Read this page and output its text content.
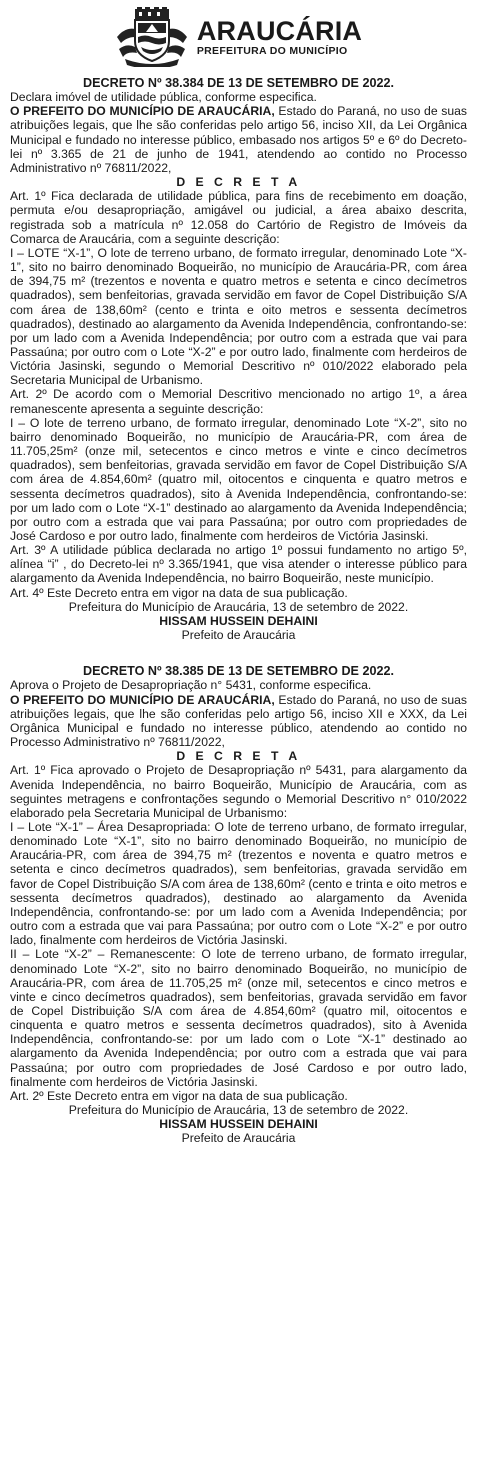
ARAUCÁRIA
PREFEITURA DO MUNICÍPIO

DECRETO Nº 38.384 DE 13 DE SETEMBRO DE 2022.

Declara imóvel de utilidade pública, conforme especifica.

O PREFEITO DO MUNICÍPIO DE ARAUCÁRIA, Estado do Paraná, no uso de suas atribuições legais, que lhe são conferidas pelo artigo 56, inciso XII, da Lei Orgânica Municipal e fundado no interesse público, embasado nos artigos 5º e 6º do Decreto-lei nº 3.365 de 21 de junho de 1941, atendendo ao contido no Processo Administrativo nº 76811/2022,

D E C R E T A

Art. 1º Fica declarada de utilidade pública, para fins de recebimento em doação, permuta e/ou desapropriação, amigável ou judicial, a área abaixo descrita, registrada sob a matrícula nº 12.058 do Cartório de Registro de Imóveis da Comarca de Araucária, com a seguinte descrição:

I – LOTE “X-1”, O lote de terreno urbano, de formato irregular, denominado Lote “X-1”, sito no bairro denominado Boqueirão, no município de Araucária-PR, com área de 394,75 m² (trezentos e noventa e quatro metros e setenta e cinco decímetros quadrados), sem benfeitorias, gravada servidão em favor de Copel Distribuição S/A com área de 138,60m² (cento e trinta e oito metros e sessenta decímetros quadrados), destinado ao alargamento da Avenida Independência, confrontando-se: por um lado com a Avenida Independência; por outro com a estrada que vai para Passaúna; por outro com o Lote “X-2” e por outro lado, finalmente com herdeiros de Victória Jasinski, segundo o Memorial Descritivo nº 010/2022 elaborado pela Secretaria Municipal de Urbanismo.

Art. 2º De acordo com o Memorial Descritivo mencionado no artigo 1º, a área remanescente apresenta a seguinte descrição:

I – O lote de terreno urbano, de formato irregular, denominado Lote “X-2”, sito no bairro denominado Boqueirão, no município de Araucária-PR, com área de 11.705,25m² (onze mil, setecentos e cinco metros e vinte e cinco decímetros quadrados), sem benfeitorias, gravada servidão em favor de Copel Distribuição S/A com área de 4.854,60m² (quatro mil, oitocentos e cinquenta e quatro metros e sessenta decímetros quadrados), sito à Avenida Independência, confrontando-se: por um lado com o Lote “X-1” destinado ao alargamento da Avenida Independência; por outro com a estrada que vai para Passaúna; por outro com propriedades de José Cardoso e por outro lado, finalmente com herdeiros de Victória Jasinski.

Art. 3º A utilidade pública declarada no artigo 1º possui fundamento no artigo 5º, alínea “i” , do Decreto-lei nº 3.365/1941, que visa atender o interesse público para alargamento da Avenida Independência, no bairro Boqueirão, neste município.

Art. 4º Este Decreto entra em vigor na data de sua publicação.

Prefeitura do Município de Araucária, 13 de setembro de 2022.

HISSAM HUSSEIN DEHAINI

Prefeito de Araucária

DECRETO Nº 38.385 DE 13 DE SETEMBRO DE 2022.

Aprova o Projeto de Desapropriação n° 5431, conforme especifica.

O PREFEITO DO MUNICÍPIO DE ARAUCÁRIA, Estado do Paraná, no uso de suas atribuições legais, que lhe são conferidas pelo artigo 56, inciso XII e XXX, da Lei Orgânica Municipal e fundado no interesse público, atendendo ao contido no Processo Administrativo nº 76811/2022,

D E C R E T A

Art. 1º Fica aprovado o Projeto de Desapropriação nº 5431, para alargamento da Avenida Independência, no bairro Boqueirão, Município de Araucária, com as seguintes metragens e confrontações segundo o Memorial Descritivo n° 010/2022 elaborado pela Secretaria Municipal de Urbanismo:

I – Lote “X-1” – Área Desapropriada: O lote de terreno urbano, de formato irregular, denominado Lote “X-1”, sito no bairro denominado Boqueirão, no município de Araucária-PR, com área de 394,75 m² (trezentos e noventa e quatro metros e setenta e cinco decímetros quadrados), sem benfeitorias, gravada servidão em favor de Copel Distribuição S/A com área de 138,60m² (cento e trinta e oito metros e sessenta decímetros quadrados), destinado ao alargamento da Avenida Independência, confrontando-se: por um lado com a Avenida Independência; por outro com a estrada que vai para Passaúna; por outro com o Lote “X-2” e por outro lado, finalmente com herdeiros de Victória Jasinski.

II – Lote “X-2” – Remanescente: O lote de terreno urbano, de formato irregular, denominado Lote “X-2”, sito no bairro denominado Boqueirão, no município de Araucária-PR, com área de 11.705,25 m² (onze mil, setecentos e cinco metros e vinte e cinco decímetros quadrados), sem benfeitorias, gravada servidão em favor de Copel Distribuição S/A com área de 4.854,60m² (quatro mil, oitocentos e cinquenta e quatro metros e sessenta decímetros quadrados), sito à Avenida Independência, confrontando-se: por um lado com o Lote “X-1” destinado ao alargamento da Avenida Independência; por outro com a estrada que vai para Passaúna; por outro com propriedades de José Cardoso e por outro lado, finalmente com herdeiros de Victória Jasinski.

Art. 2º Este Decreto entra em vigor na data de sua publicação.

Prefeitura do Município de Araucária, 13 de setembro de 2022.

HISSAM HUSSEIN DEHAINI

Prefeito de Araucária
